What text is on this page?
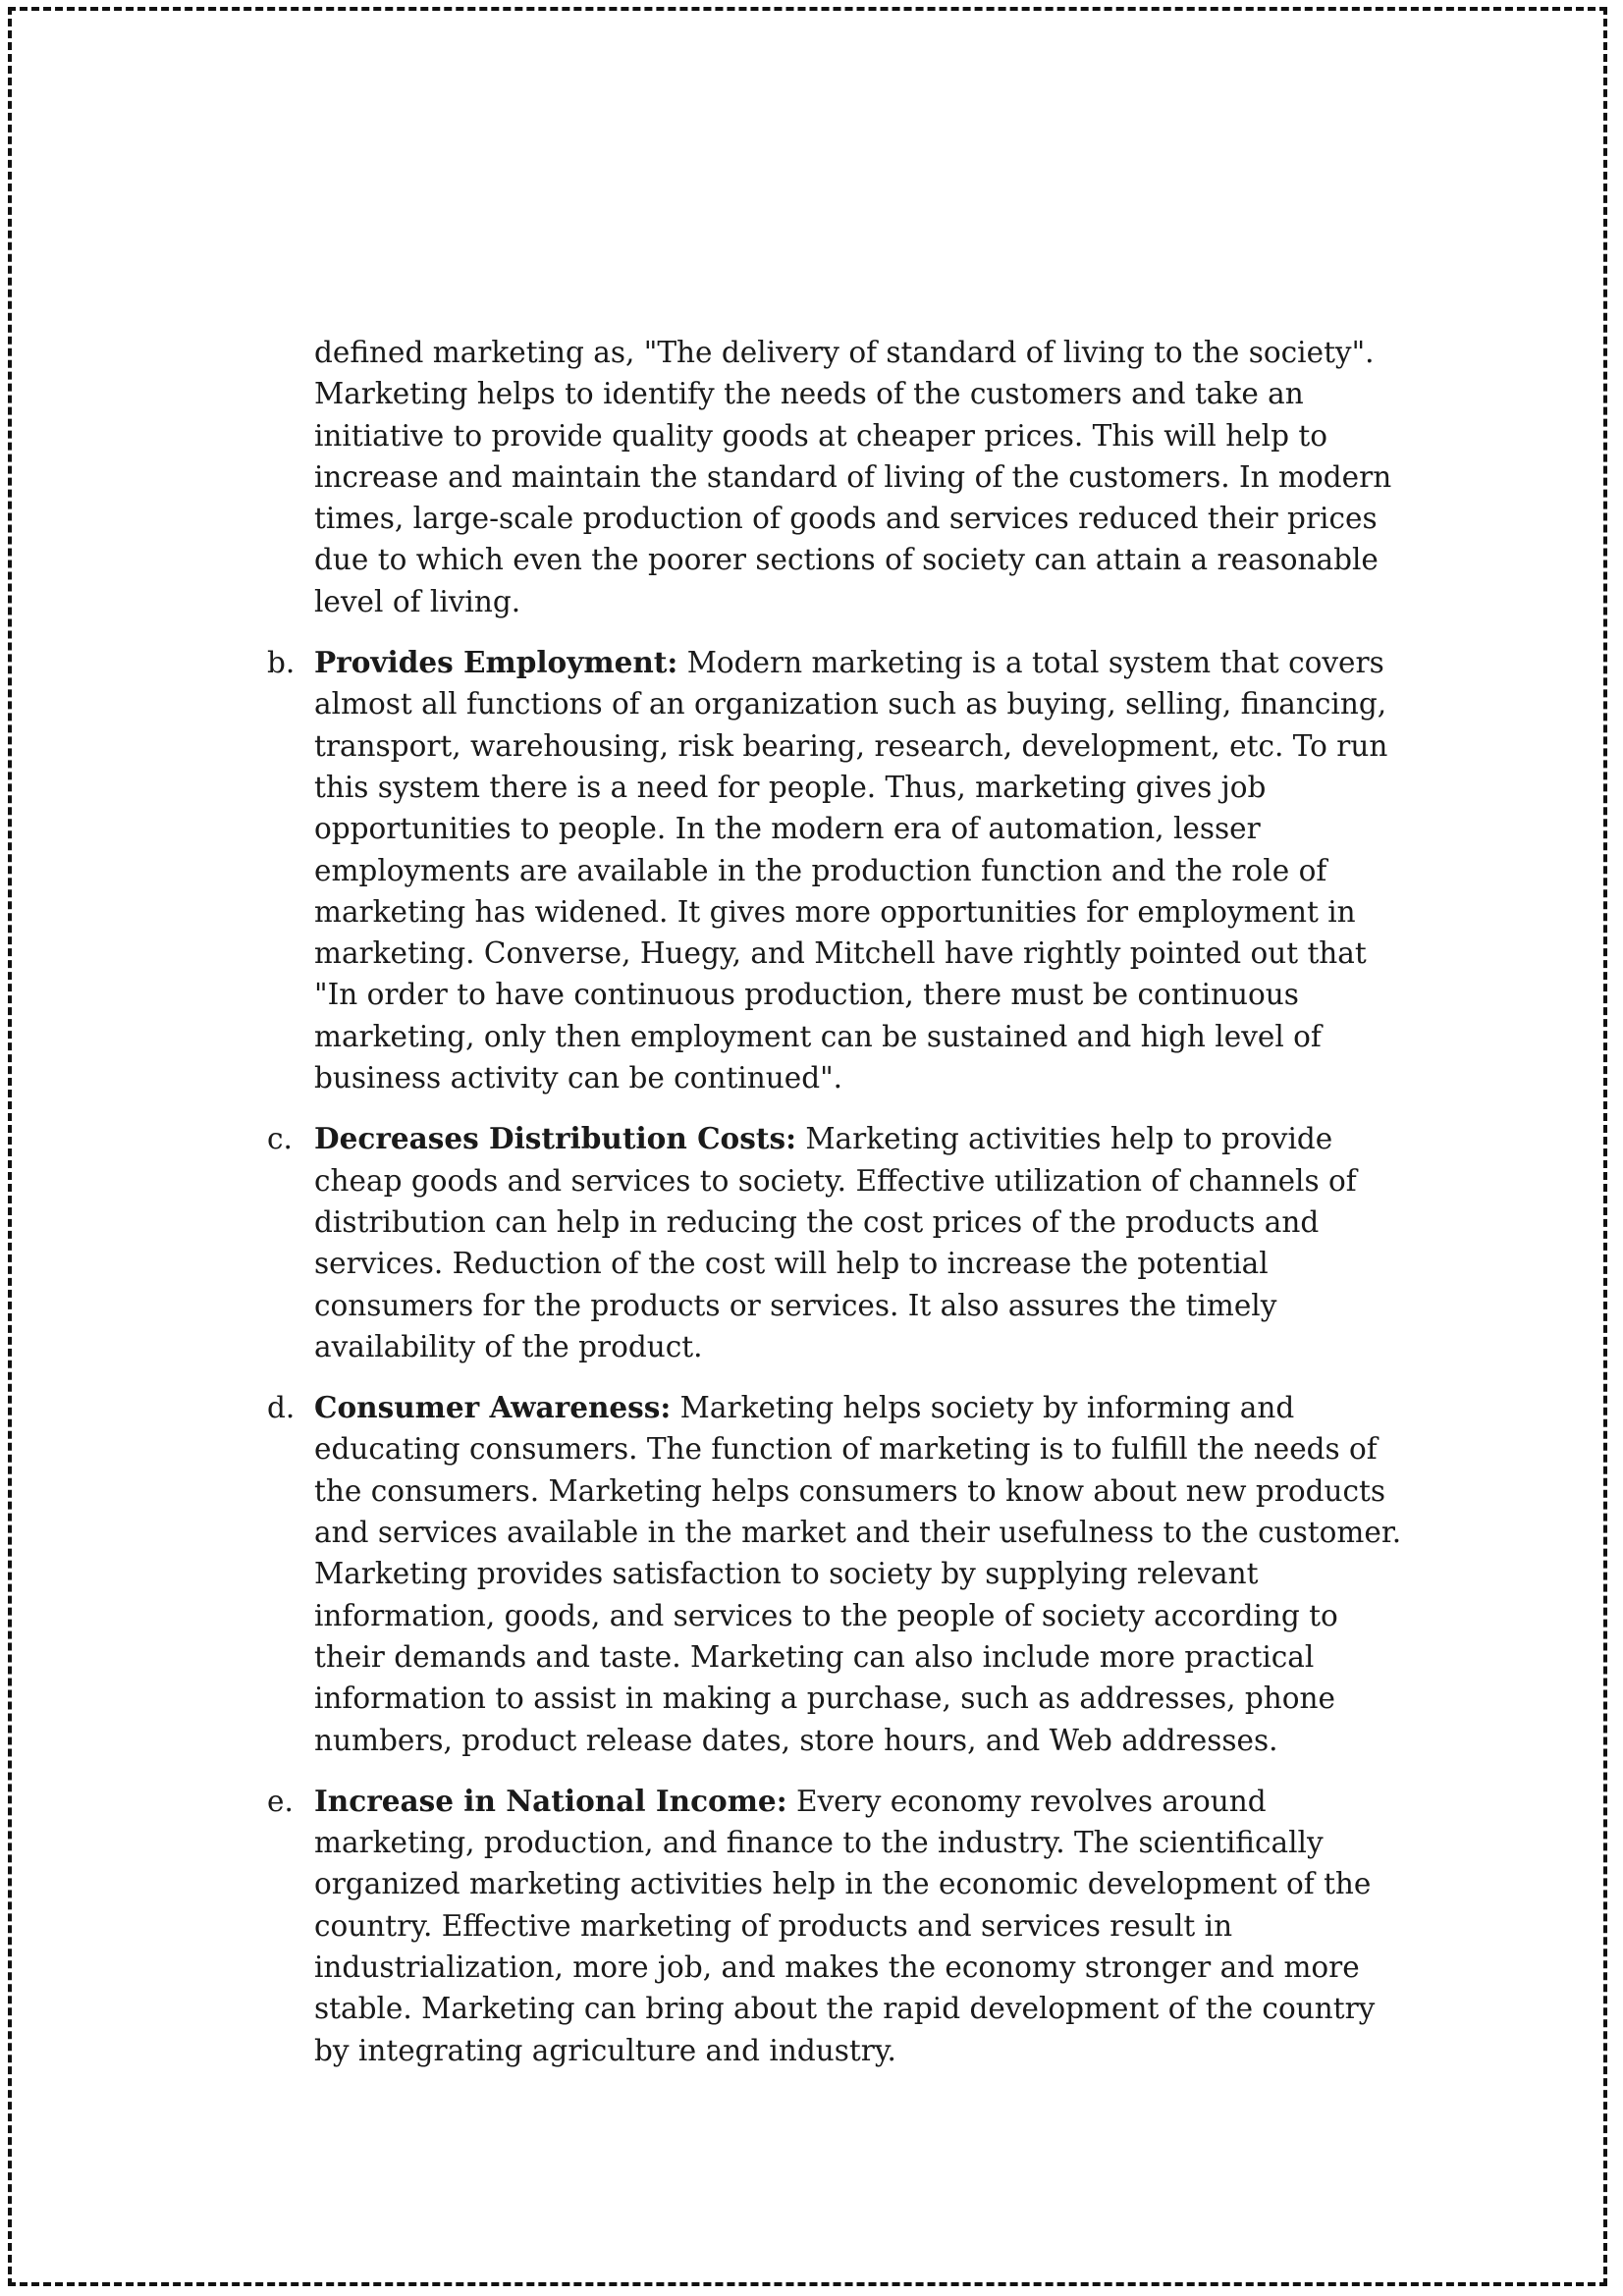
defined marketing as, "The delivery of standard of living to the society". Marketing helps to identify the needs of the customers and take an initiative to provide quality goods at cheaper prices. This will help to increase and maintain the standard of living of the customers. In modern times, large-scale production of goods and services reduced their prices due to which even the poorer sections of society can attain a reasonable level of living.

b. Provides Employment: Modern marketing is a total system that covers almost all functions of an organization such as buying, selling, financing, transport, warehousing, risk bearing, research, development, etc. To run this system there is a need for people. Thus, marketing gives job opportunities to people. In the modern era of automation, lesser employments are available in the production function and the role of marketing has widened. It gives more opportunities for employment in marketing. Converse, Huegy, and Mitchell have rightly pointed out that "In order to have continuous production, there must be continuous marketing, only then employment can be sustained and high level of business activity can be continued".
c. Decreases Distribution Costs: Marketing activities help to provide cheap goods and services to society. Effective utilization of channels of distribution can help in reducing the cost prices of the products and services. Reduction of the cost will help to increase the potential consumers for the products or services. It also assures the timely availability of the product.
d. Consumer Awareness: Marketing helps society by informing and educating consumers. The function of marketing is to fulfill the needs of the consumers. Marketing helps consumers to know about new products and services available in the market and their usefulness to the customer. Marketing provides satisfaction to society by supplying relevant information, goods, and services to the people of society according to their demands and taste. Marketing can also include more practical information to assist in making a purchase, such as addresses, phone numbers, product release dates, store hours, and Web addresses.
e. Increase in National Income: Every economy revolves around marketing, production, and finance to the industry. The scientifically organized marketing activities help in the economic development of the country. Effective marketing of products and services result in industrialization, more job, and makes the economy stronger and more stable. Marketing can bring about the rapid development of the country by integrating agriculture and industry.
